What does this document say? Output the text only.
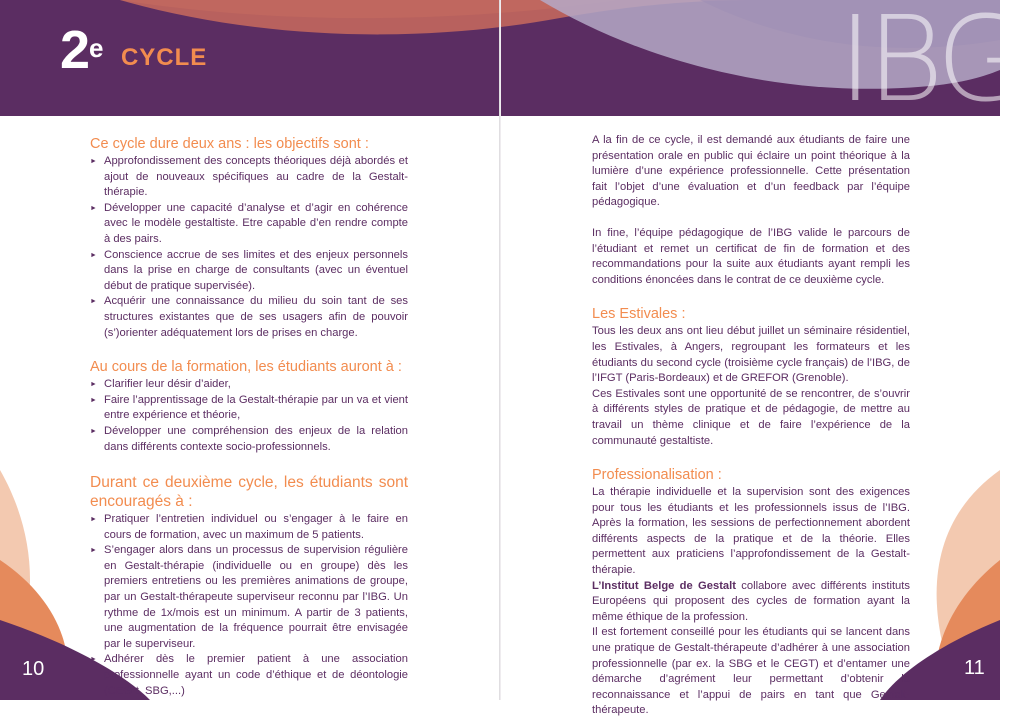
IBG
2e CYCLE
Ce cycle dure deux ans : les objectifs sont :
► Approfondissement des concepts théoriques déjà abordés et ajout de nouveaux spécifiques au cadre de la Gestalt-thérapie.
► Développer une capacité d’analyse et d’agir en cohérence avec le modèle gestaltiste. Etre capable d’en rendre compte à des pairs.
► Conscience accrue de ses limites et des enjeux personnels dans la prise en charge de consultants (avec un éventuel début de pratique supervisée).
► Acquérir une connaissance du milieu du soin tant de ses structures existantes que de ses usagers afin de pouvoir (s’)orienter adéquatement lors de prises en charge.
Au cours de la formation, les étudiants auront à :
► Clarifier leur désir d’aider,
► Faire l’apprentissage de la Gestalt-thérapie par un va et vient entre expérience et théorie,
► Développer une compréhension des enjeux de la relation dans différents contexte socio-professionnels.
Durant ce deuxième cycle, les étudiants sont encouragés à :
► Pratiquer l’entretien individuel ou s’engager à le faire en cours de formation, avec un maximum de 5 patients.
► S’engager alors dans un processus de supervision régulière en Gestalt-thérapie (individuelle ou en groupe) dès les premiers entretiens ou les premières animations de groupe, par un Gestalt-thérapeute superviseur reconnu par l’IBG. Un rythme de 1x/mois est un minimum. A partir de 3 patients, une augmentation de la fréquence pourrait être envisagée par le superviseur.
► Adhérer dès le premier patient à une association professionnelle ayant un code d’éthique et de déontologie (CEG-t, SBG,...)
10

A la fin de ce cycle, il est demandé aux étudiants de faire une présentation orale en public qui éclaire un point théorique à la lumière d’une expérience professionnelle. Cette présentation fait l’objet d’une évaluation et d’un feedback par l’équipe pédagogique.

In fine, l’équipe pédagogique de l’IBG valide le parcours de l’étudiant et remet un certificat de fin de formation et des recommandations pour la suite aux étudiants ayant rempli les conditions énoncées dans le contrat de ce deuxième cycle.

Les Estivales :

Tous les deux ans ont lieu début juillet un séminaire résidentiel, les Estivales, à Angers, regroupant les formateurs et les étudiants du second cycle (troisième cycle français) de l’IBG, de l’IFGT (Paris-Bordeaux) et de GREFOR (Grenoble).

Ces Estivales sont une opportunité de se rencontrer, de s’ouvrir à différents styles de pratique et de pédagogie, de mettre au travail un thème clinique et de faire l’expérience de la communauté gestaltiste.

Professionalisation :

La thérapie individuelle et la supervision sont des exigences pour tous les étudiants et les professionnels issus de l’IBG. Après la formation, les sessions de perfectionnement abordent différents aspects de la pratique et de la théorie. Elles permettent aux praticiens l’approfondissement de la Gestalt-thérapie.

L’Institut Belge de Gestalt collabore avec différents instituts Européens qui proposent des cycles de formation ayant la même éthique de la profession.

Il est fortement conseillé pour les étudiants qui se lancent dans une pratique de Gestalt-thérapeute d’adhérer à une association professionnelle (par ex. la SBG et le CEGT) et d’entamer une démarche d’agrément leur permettant d’obtenir la reconnaissance et l’appui de pairs en tant que Gestalt-thérapeute.

11
